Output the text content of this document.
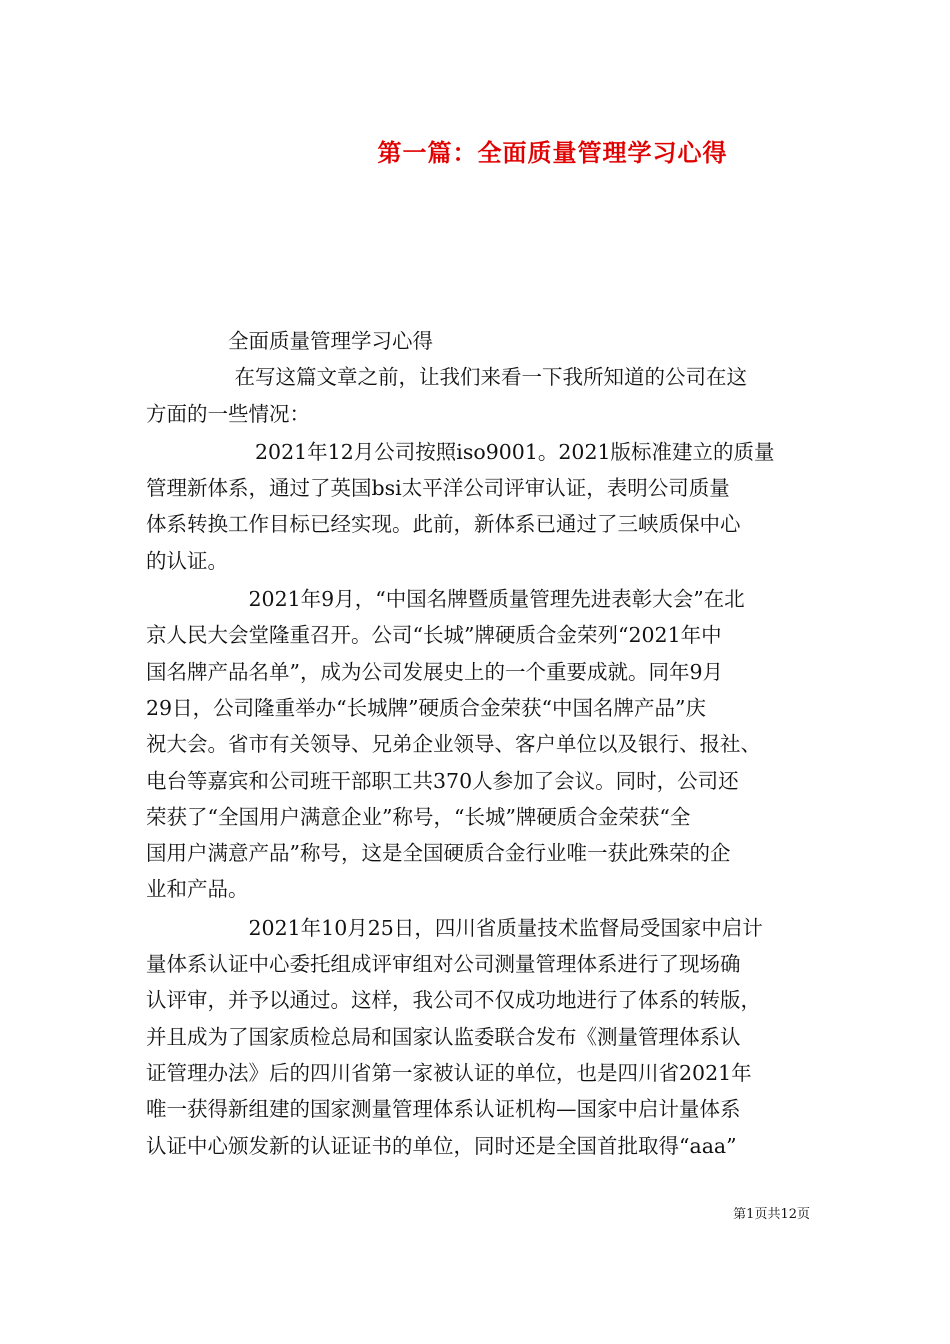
第一篇：全面质量管理学习心得
　　　　全面质量管理学习心得
　　　　 在写这篇文章之前，让我们来看一下我所知道的公司在这
方面的一些情况：
　　　　　 2021年12月公司按照iso9001。2021版标准建立的质量
管理新体系，通过了英国bsi太平洋公司评审认证，表明公司质量
体系转换工作目标已经实现。此前，新体系已通过了三峡质保中心
的认证。
　　　　　2021年9月，“中国名牌暨质量管理先进表彰大会”在北
京人民大会堂隆重召开。公司“长城”牌硬质合金荣列“2021年中
国名牌产品名单”，成为公司发展史上的一个重要成就。同年9月
29日，公司隆重举办“长城牌”硬质合金荣获“中国名牌产品”庆
祝大会。省市有关领导、兄弟企业领导、客户单位以及银行、报社、
电台等嘉宾和公司班干部职工共370人参加了会议。同时，公司还
荣获了“全国用户满意企业”称号，“长城”牌硬质合金荣获“全
国用户满意产品”称号，这是全国硬质合金行业唯一获此殊荣的企
业和产品。
　　　　　2021年10月25日，四川省质量技术监督局受国家中启计
量体系认证中心委托组成评审组对公司测量管理体系进行了现场确
认评审，并予以通过。这样，我公司不仅成功地进行了体系的转版，
并且成为了国家质检总局和国家认监委联合发布《测量管理体系认
证管理办法》后的四川省第一家被认证的单位，也是四川省2021年
唯一获得新组建的国家测量管理体系认证机构—国家中启计量体系
认证中心颁发新的认证证书的单位，同时还是全国首批取得“aaa”
第1页共12页
